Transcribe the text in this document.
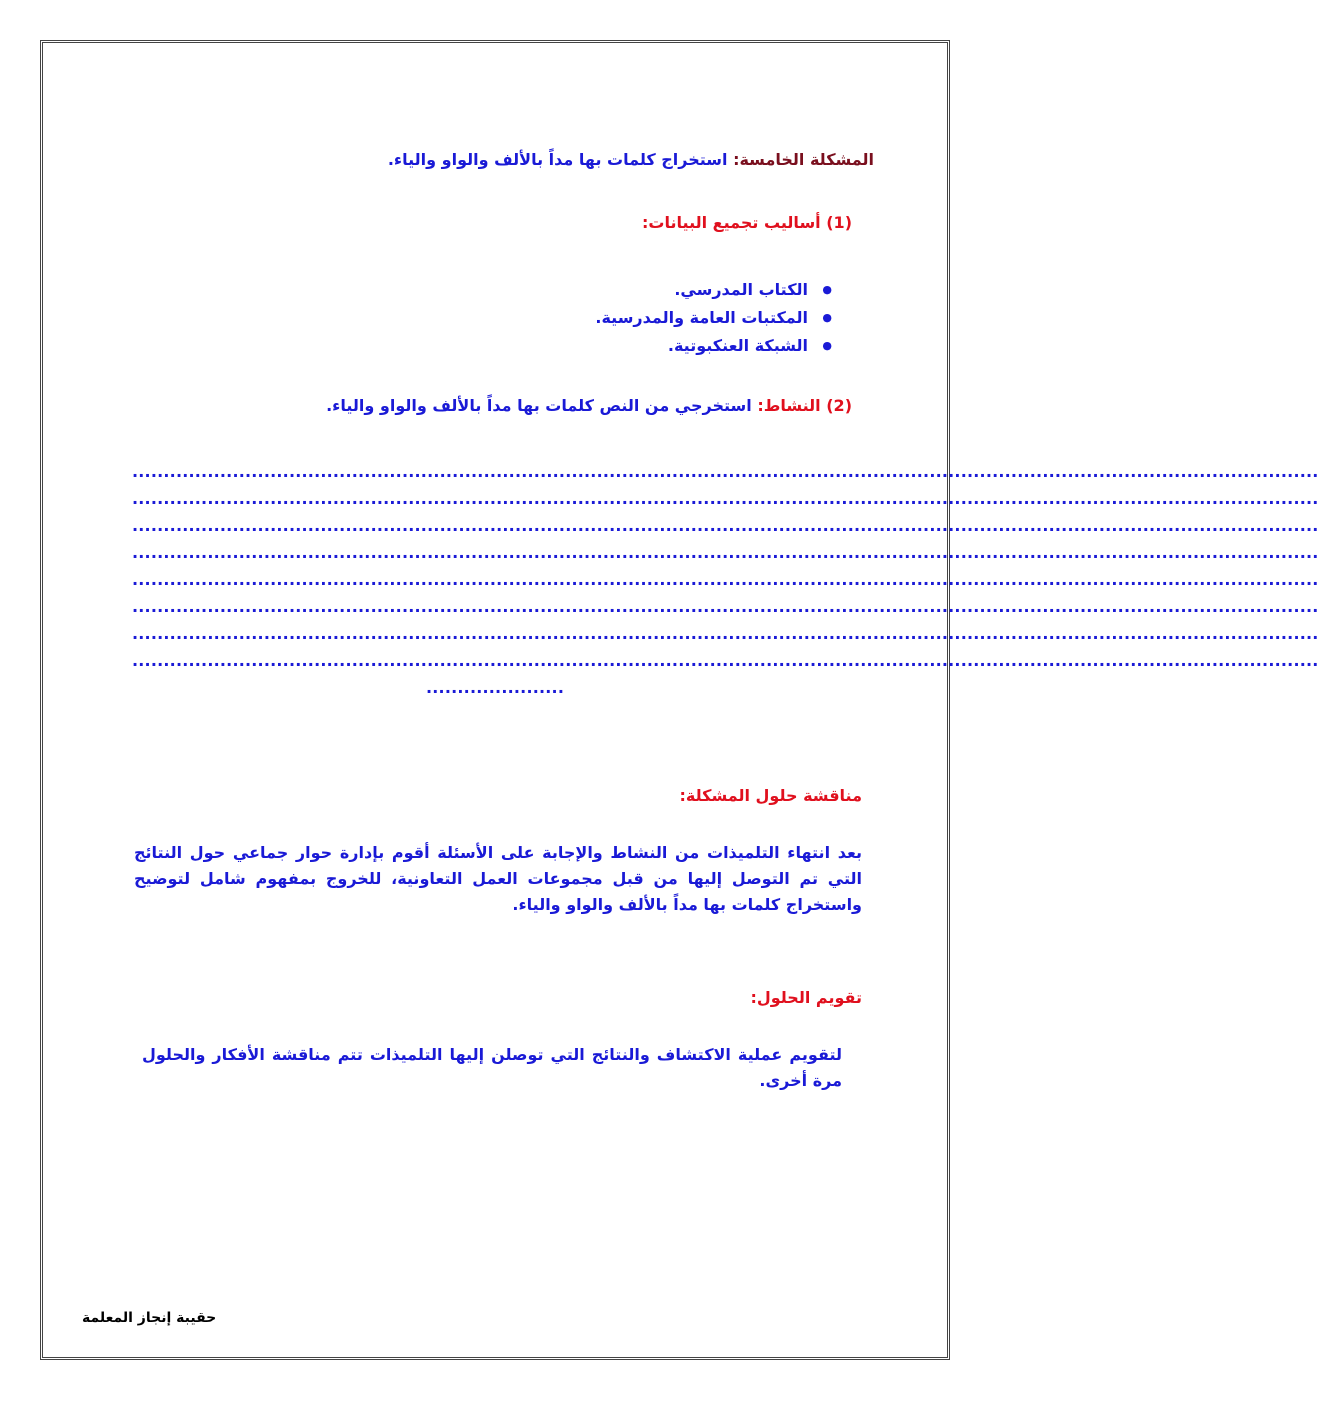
المشكلة الخامسة: استخراج كلمات بها مداً بالألف والواو والياء.
(1) أساليب تجميع البيانات:
● الكتاب المدرسي.
● المكتبات العامة والمدرسية.
● الشبكة العنكبوتية.
(2) النشاط: استخرجي من النص كلمات بها مداً بالألف والواو والياء.
.............................................................................................................................................................................................
.............................................................................................................................................................................................
.............................................................................................................................................................................................
.............................................................................................................................................................................................
.............................................................................................................................................................................................
.............................................................................................................................................................................................
.............................................................................................................................................................................................
.............................................................................................................................................................................................
......................
مناقشة حلول المشكلة:
بعد انتهاء التلميذات من النشاط والإجابة على الأسئلة أقوم بإدارة حوار جماعي حول النتائج التي تم التوصل إليها من قبل مجموعات العمل التعاونية، للخروج بمفهوم شامل لتوضيح واستخراج كلمات بها مداً بالألف والواو والياء.
تقويم الحلول:
لتقويم عملية الاكتشاف والنتائج التي توصلن إليها التلميذات تتم مناقشة الأفكار والحلول مرة أخرى.
حقيبة إنجاز المعلمة
